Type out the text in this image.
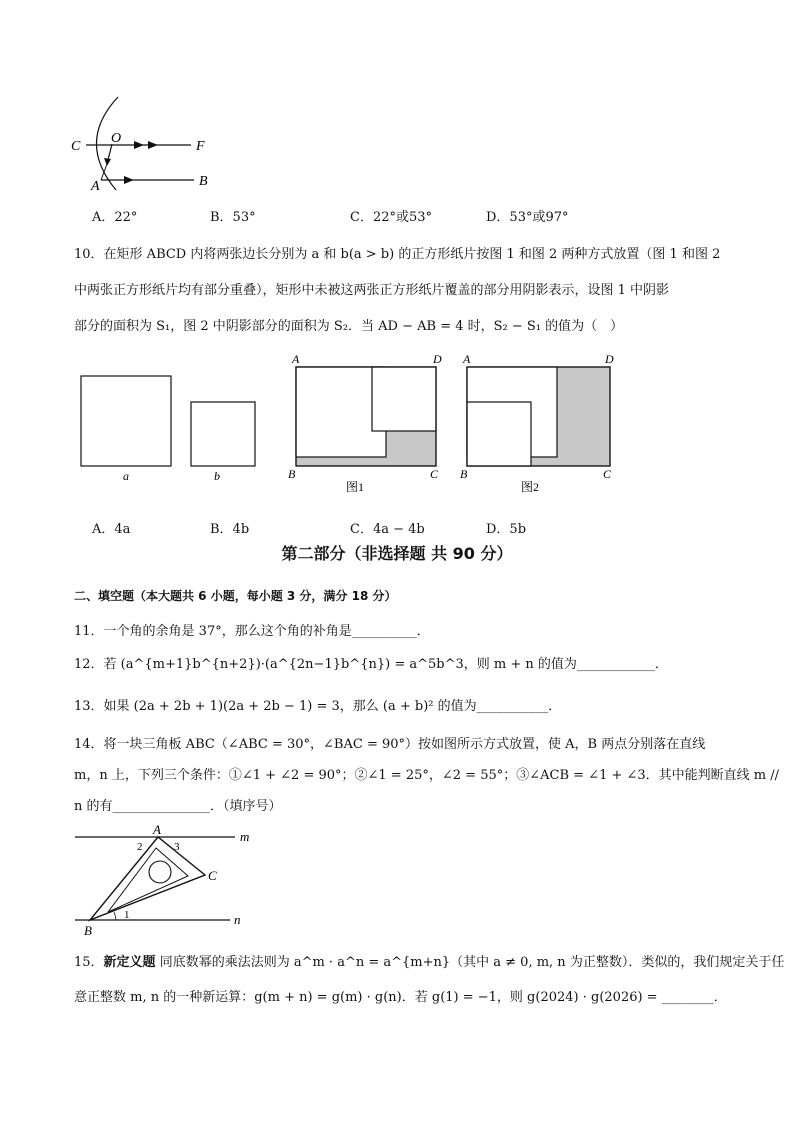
C
O
F
A	B
A．22°	B．53°	C．22°或53°	D．53°或97°
10．在矩形 ABCD 内将两张边长分别为 a 和 b(a > b) 的正方形纸片按图 1 和图 2 两种方式放置（图 1 和图 2
中两张正方形纸片均有部分重叠），矩形中未被这两张正方形纸片覆盖的部分用阴影表示，设图 1 中阴影
部分的面积为 S₁，图 2 中阴影部分的面积为 S₂．当 AD − AB = 4 时，S₂ − S₁ 的值为（　）
a	b
A	D
B	C
图1
A	D
B	C
图2
A．4a	B．4b	C．4a − 4b	D．5b
第二部分（非选择题 共 90 分）
二、填空题（本大题共 6 小题，每小题 3 分，满分 18 分）
11．一个角的余角是 37°，那么这个角的补角是__________．
12．若 (a^{m+1}b^{n+2})·(a^{2n−1}b^{n}) = a^5b^3，则 m + n 的值为____________．
13．如果 (2a + 2b + 1)(2a + 2b − 1) = 3，那么 (a + b)² 的值为___________．
14．将一块三角板 ABC（∠ABC = 30°，∠BAC = 90°）按如图所示方式放置，使 A，B 两点分别落在直线
m，n 上，下列三个条件：①∠1 + ∠2 = 90°；②∠1 = 25°，∠2 = 55°；③∠ACB = ∠1 + ∠3．其中能判断直线 m //
n 的有_______________．（填序号）
A
B
C
m
n
1
2	3
15．新定义题 同底数幂的乘法法则为 a^m · a^n = a^{m+n}（其中 a ≠ 0, m, n 为正整数）．类似的，我们规定关于任
意正整数 m, n 的一种新运算：g(m + n) = g(m) · g(n)．若 g(1) = −1，则 g(2024) · g(2026) = ________．
